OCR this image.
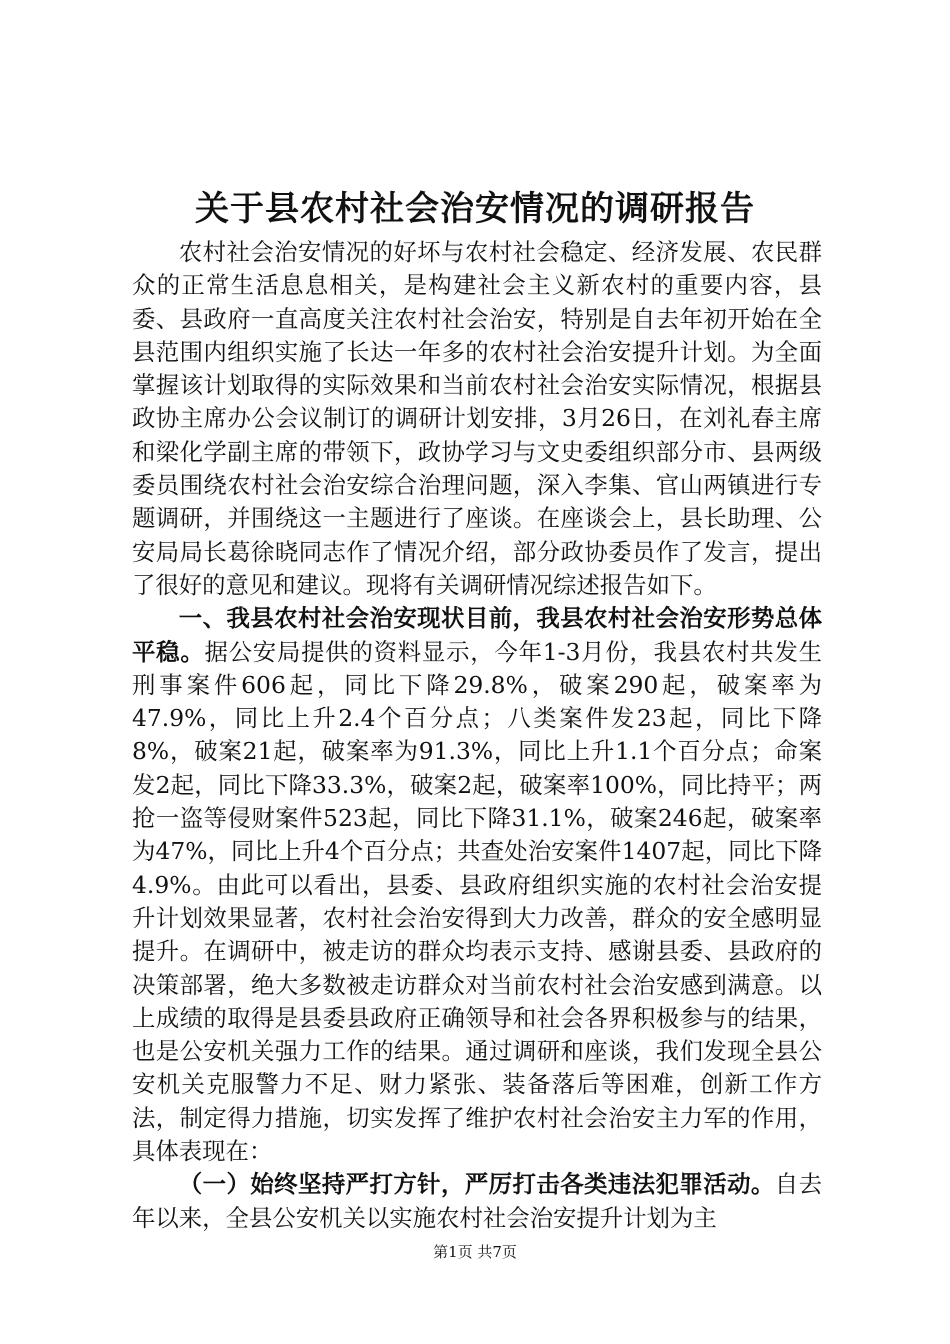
关于县农村社会治安情况的调研报告

农村社会治安情况的好坏与农村社会稳定、经济发展、农民群众的正常生活息息相关，是构建社会主义新农村的重要内容，县委、县政府一直高度关注农村社会治安，特别是自去年初开始在全县范围内组织实施了长达一年多的农村社会治安提升计划。为全面掌握该计划取得的实际效果和当前农村社会治安实际情况，根据县政协主席办公会议制订的调研计划安排，3月26日，在刘礼春主席和梁化学副主席的带领下，政协学习与文史委组织部分市、县两级委员围绕农村社会治安综合治理问题，深入李集、官山两镇进行专题调研，并围绕这一主题进行了座谈。在座谈会上，县长助理、公安局局长葛徐晓同志作了情况介绍，部分政协委员作了发言，提出了很好的意见和建议。现将有关调研情况综述报告如下。

一、我县农村社会治安现状目前，我县农村社会治安形势总体平稳。据公安局提供的资料显示，今年1-3月份，我县农村共发生刑事案件606起，同比下降29.8%，破案290起，破案率为47.9%，同比上升2.4个百分点；八类案件发23起，同比下降8%，破案21起，破案率为91.3%，同比上升1.1个百分点；命案发2起，同比下降33.3%，破案2起，破案率100%，同比持平；两抢一盗等侵财案件523起，同比下降31.1%，破案246起，破案率为47%，同比上升4个百分点；共查处治安案件1407起，同比下降4.9%。由此可以看出，县委、县政府组织实施的农村社会治安提升计划效果显著，农村社会治安得到大力改善，群众的安全感明显提升。在调研中，被走访的群众均表示支持、感谢县委、县政府的决策部署，绝大多数被走访群众对当前农村社会治安感到满意。以上成绩的取得是县委县政府正确领导和社会各界积极参与的结果，也是公安机关强力工作的结果。通过调研和座谈，我们发现全县公安机关克服警力不足、财力紧张、装备落后等困难，创新工作方法，制定得力措施，切实发挥了维护农村社会治安主力军的作用，具体表现在：

（一）始终坚持严打方针，严厉打击各类违法犯罪活动。自去年以来，全县公安机关以实施农村社会治安提升计划为主

第1页 共7页
